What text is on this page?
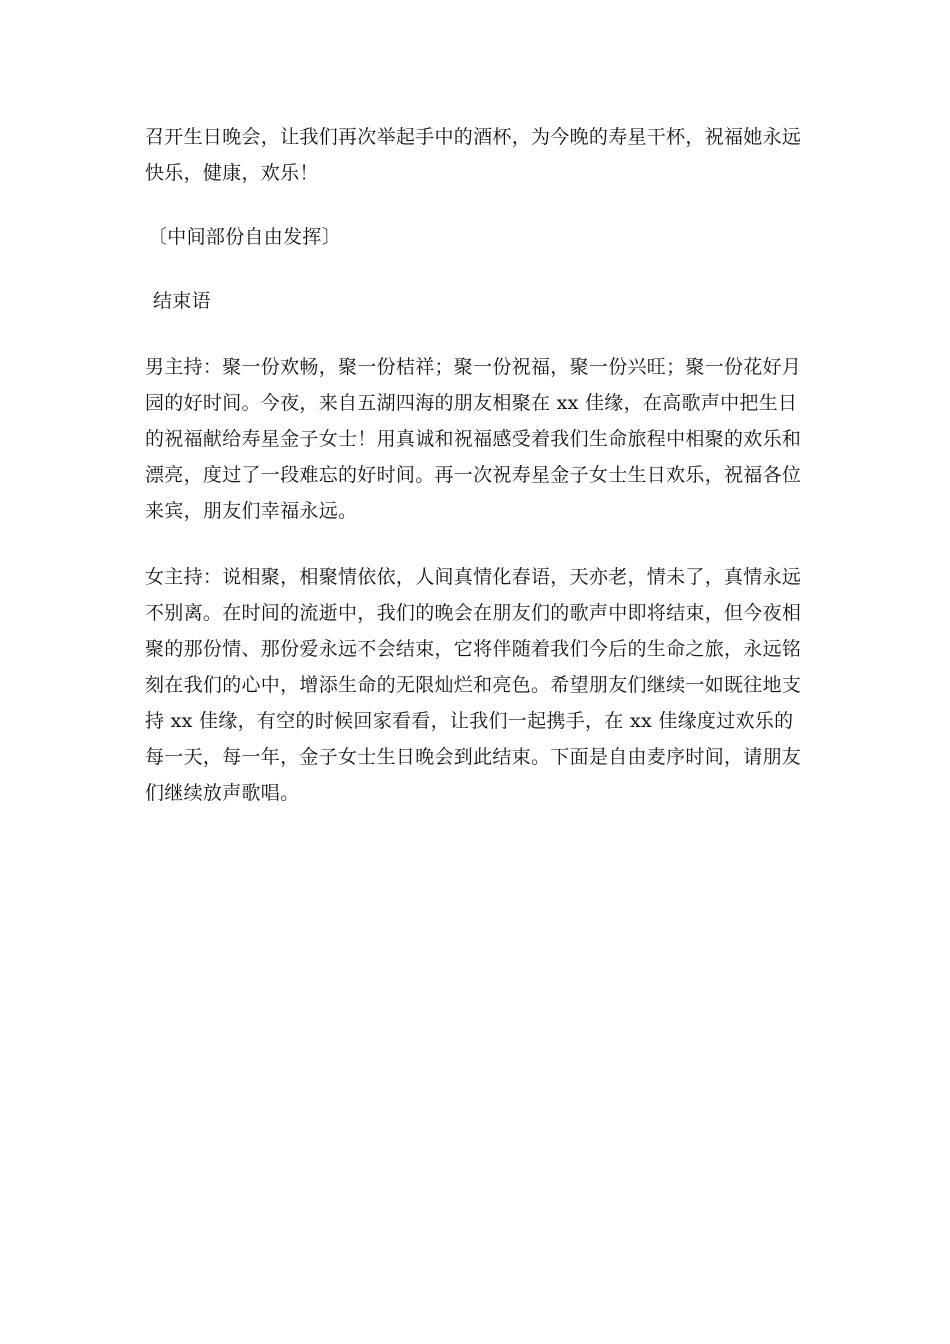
召开生日晚会，让我们再次举起手中的酒杯，为今晚的寿星干杯，祝福她永远快乐，健康，欢乐！

〔中间部份自由发挥〕

结束语

男主持：聚一份欢畅，聚一份桔祥；聚一份祝福，聚一份兴旺；聚一份花好月园的好时间。今夜，来自五湖四海的朋友相聚在 xx 佳缘，在高歌声中把生日的祝福献给寿星金子女士！用真诚和祝福感受着我们生命旅程中相聚的欢乐和漂亮，度过了一段难忘的好时间。再一次祝寿星金子女士生日欢乐，祝福各位来宾，朋友们幸福永远。

女主持：说相聚，相聚情依依，人间真情化春语，天亦老，情未了，真情永远不别离。在时间的流逝中，我们的晚会在朋友们的歌声中即将结束，但今夜相聚的那份情、那份爱永远不会结束，它将伴随着我们今后的生命之旅，永远铭刻在我们的心中，增添生命的无限灿烂和亮色。希望朋友们继续一如既往地支持 xx 佳缘，有空的时候回家看看，让我们一起携手，在 xx 佳缘度过欢乐的每一天，每一年，金子女士生日晚会到此结束。下面是自由麦序时间，请朋友们继续放声歌唱。
